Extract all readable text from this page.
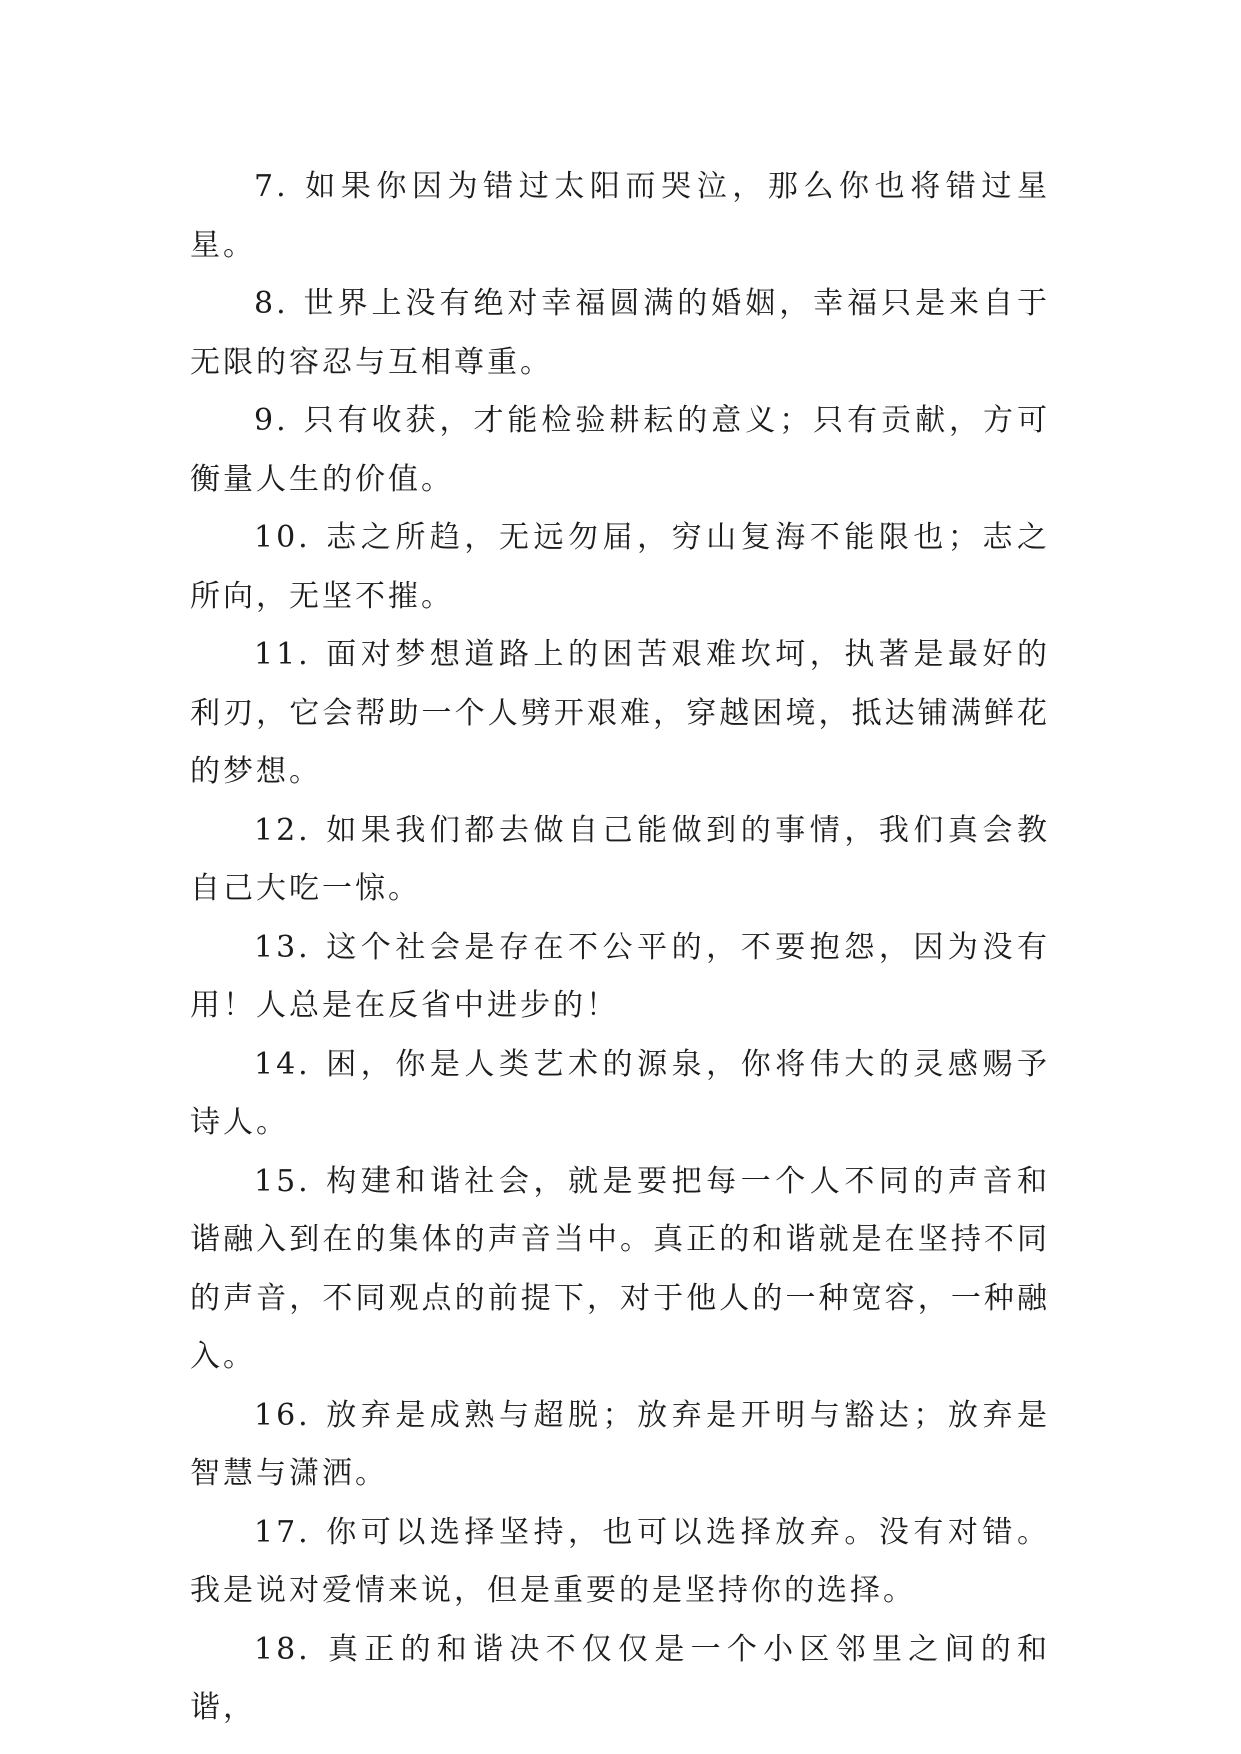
7. 如果你因为错过太阳而哭泣，那么你也将错过星星。

8. 世界上没有绝对幸福圆满的婚姻，幸福只是来自于无限的容忍与互相尊重。

9. 只有收获，才能检验耕耘的意义；只有贡献，方可衡量人生的价值。

10. 志之所趋，无远勿届，穷山复海不能限也；志之所向，无坚不摧。

11. 面对梦想道路上的困苦艰难坎坷，执著是最好的利刃，它会帮助一个人劈开艰难，穿越困境，抵达铺满鲜花的梦想。

12. 如果我们都去做自己能做到的事情，我们真会教自己大吃一惊。

13. 这个社会是存在不公平的，不要抱怨，因为没有用！人总是在反省中进步的！

14. 困，你是人类艺术的源泉，你将伟大的灵感赐予诗人。

15. 构建和谐社会，就是要把每一个人不同的声音和谐融入到在的集体的声音当中。真正的和谐就是在坚持不同的声音，不同观点的前提下，对于他人的一种宽容，一种融入。

16. 放弃是成熟与超脱；放弃是开明与豁达；放弃是智慧与潇洒。

17. 你可以选择坚持，也可以选择放弃。没有对错。我是说对爱情来说，但是重要的是坚持你的选择。

18. 真正的和谐决不仅仅是一个小区邻里之间的和谐，
